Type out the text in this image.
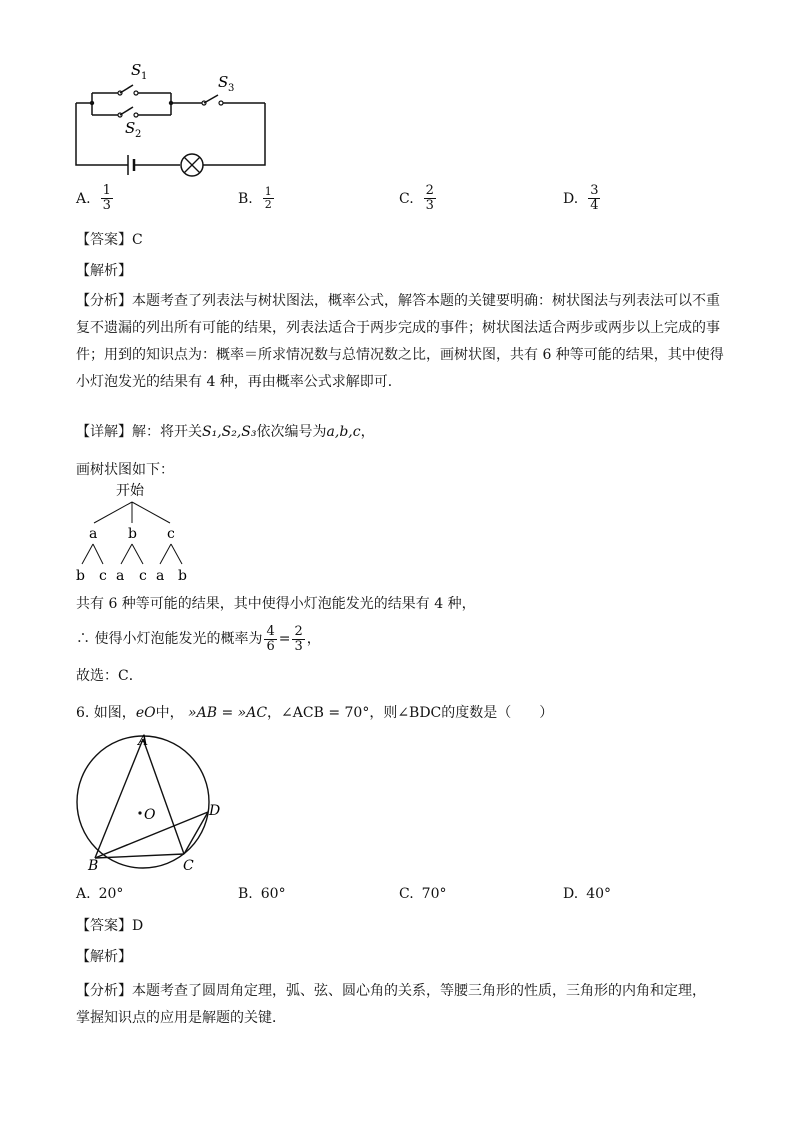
S 1
S 2
S 3
A. $\frac{1}{3}$	B. $\frac{1}{2}$	C. $\frac{2}{3}$	D. $\frac{3}{4}$
【答案】C
【解析】
【分析】本题考查了列表法与树状图法，概率公式，解答本题的关键要明确：树状图法与列表法可以不重
复不遗漏的列出所有可能的结果，列表法适合于两步完成的事件；树状图法适合两步或两步以上完成的事
件；用到的知识点为：概率＝所求情况数与总情况数之比，画树状图，共有 6 种等可能的结果，其中使得
小灯泡发光的结果有 4 种，再由概率公式求解即可．
【详解】解：将开关S₁,S₂,S₃依次编号为a,b,c，
画树状图如下：
开始
a b c
b c a c a b
共有 6 种等可能的结果，其中使得小灯泡能发光的结果有 4 种，
∴ 使得小灯泡能发光的概率为 $\frac{4}{6} = \frac{2}{3}$ ，
故选：C．
6. 如图，eO中， »AB = »AC，∠ACB = 70°，则∠BDC的度数是（　　）
A
B	C
D
O
A. 20°	B. 60°	C. 70°	D. 40°
【答案】D
【解析】
【分析】本题考查了圆周角定理，弧、弦、圆心角的关系，等腰三角形的性质，三角形的内角和定理，
掌握知识点的应用是解题的关键．
